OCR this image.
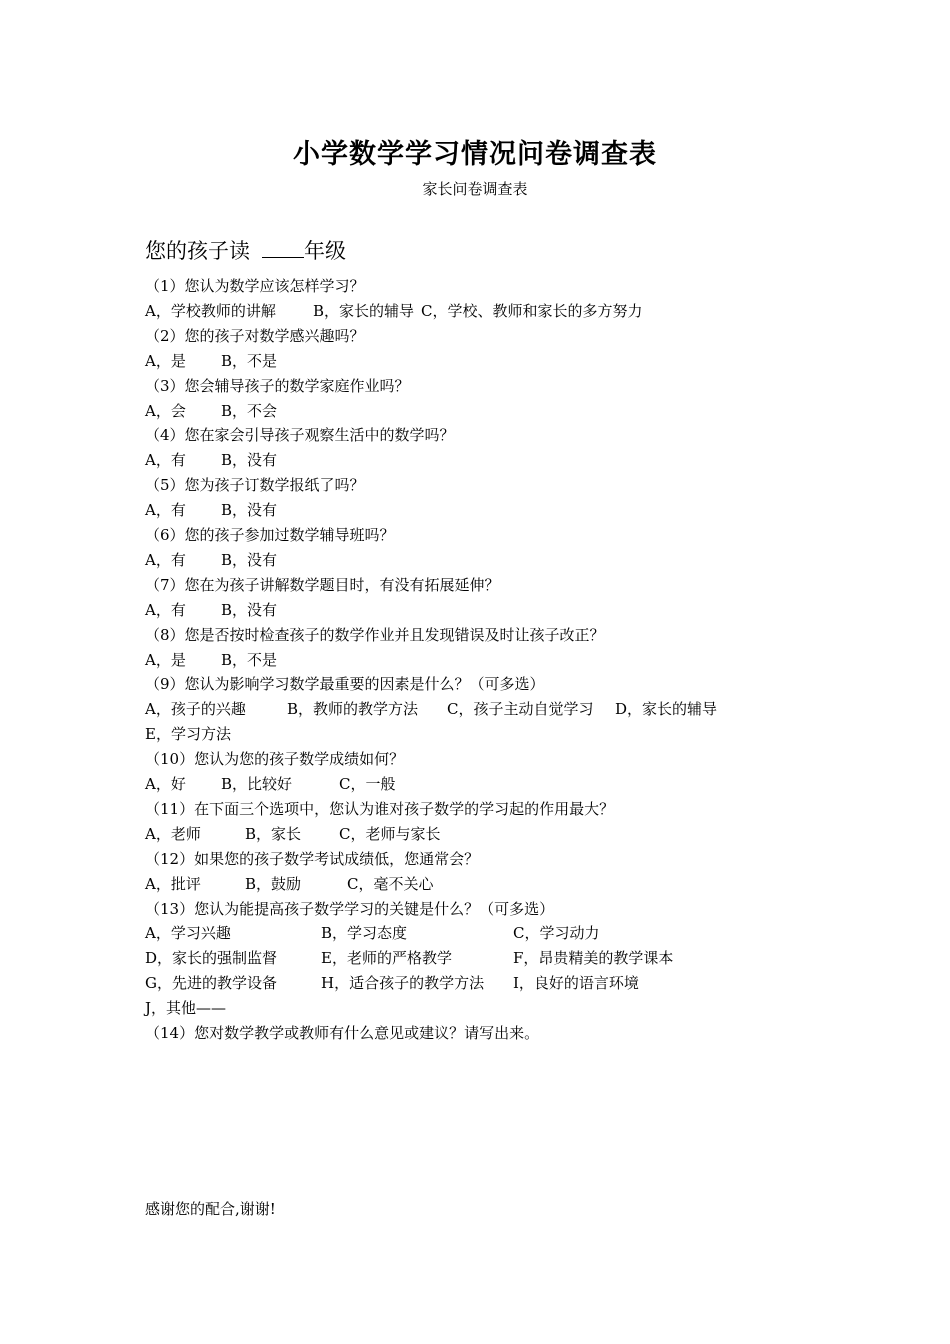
小学数学学习情况问卷调查表
家长问卷调查表
您的孩子读	年级
（1）您认为数学应该怎样学习？
A，学校教师的讲解 B，家长的辅导 C，学校、教师和家长的多方努力
（2）您的孩子对数学感兴趣吗？
A，是 B，不是
（3）您会辅导孩子的数学家庭作业吗？
A，会 B，不会
（4）您在家会引导孩子观察生活中的数学吗？
A，有 B，没有
（5）您为孩子订数学报纸了吗？
A，有 B，没有
（6）您的孩子参加过数学辅导班吗？
A，有 B，没有
（7）您在为孩子讲解数学题目时，有没有拓展延伸？
A，有 B，没有
（8）您是否按时检查孩子的数学作业并且发现错误及时让孩子改正？
A，是 B，不是
（9）您认为影响学习数学最重要的因素是什么？（可多选）
A，孩子的兴趣	B，教师的教学方法 C，孩子主动自觉学习 D，家长的辅导
E，学习方法
（10）您认为您的孩子数学成绩如何？
A，好 B，比较好	C，一般
（11）在下面三个选项中，您认为谁对孩子数学的学习起的作用最大？
A，老师	B，家长	C，老师与家长
（12）如果您的孩子数学考试成绩低，您通常会？
A，批评	B，鼓励	C，毫不关心
（13）您认为能提高孩子数学学习的关键是什么？（可多选）
A，学习兴趣	B，学习态度	C，学习动力
D，家长的强制监督	E，老师的严格教学	F，昂贵精美的教学课本
G，先进的教学设备	H，适合孩子的教学方法 I，良好的语言环境
J，其他——
（14）您对数学教学或教师有什么意见或建议？请写出来。
感谢您的配合,谢谢!
